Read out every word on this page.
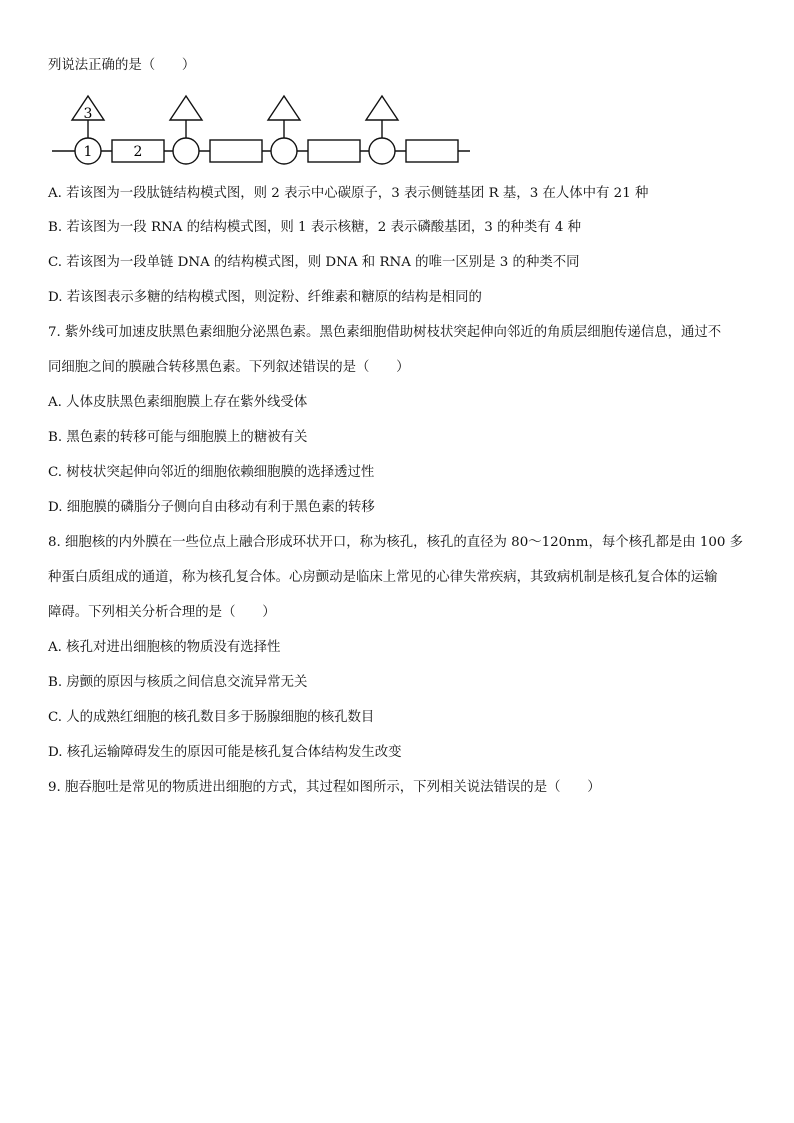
列说法正确的是（　　）
3
1	2
A. 若该图为一段肽链结构模式图，则 2 表示中心碳原子，3 表示侧链基团 R 基，3 在人体中有 21 种
B. 若该图为一段 RNA 的结构模式图，则 1 表示核糖，2 表示磷酸基团，3 的种类有 4 种
C. 若该图为一段单链 DNA 的结构模式图，则 DNA 和 RNA 的唯一区别是 3 的种类不同
D. 若该图表示多糖的结构模式图，则淀粉、纤维素和糖原的结构是相同的
7. 紫外线可加速皮肤黑色素细胞分泌黑色素。黑色素细胞借助树枝状突起伸向邻近的角质层细胞传递信息，通过不
同细胞之间的膜融合转移黑色素。下列叙述错误的是（　　）
A. 人体皮肤黑色素细胞膜上存在紫外线受体
B. 黑色素的转移可能与细胞膜上的糖被有关
C. 树枝状突起伸向邻近的细胞依赖细胞膜的选择透过性
D. 细胞膜的磷脂分子侧向自由移动有利于黑色素的转移
8. 细胞核的内外膜在一些位点上融合形成环状开口，称为核孔，核孔的直径为 80～120nm，每个核孔都是由 100 多
种蛋白质组成的通道，称为核孔复合体。心房颤动是临床上常见的心律失常疾病，其致病机制是核孔复合体的运输
障碍。下列相关分析合理的是（　　）
A. 核孔对进出细胞核的物质没有选择性
B. 房颤的原因与核质之间信息交流异常无关
C. 人的成熟红细胞的核孔数目多于肠腺细胞的核孔数目
D. 核孔运输障碍发生的原因可能是核孔复合体结构发生改变
9. 胞吞胞吐是常见的物质进出细胞的方式，其过程如图所示，下列相关说法错误的是（　　）
